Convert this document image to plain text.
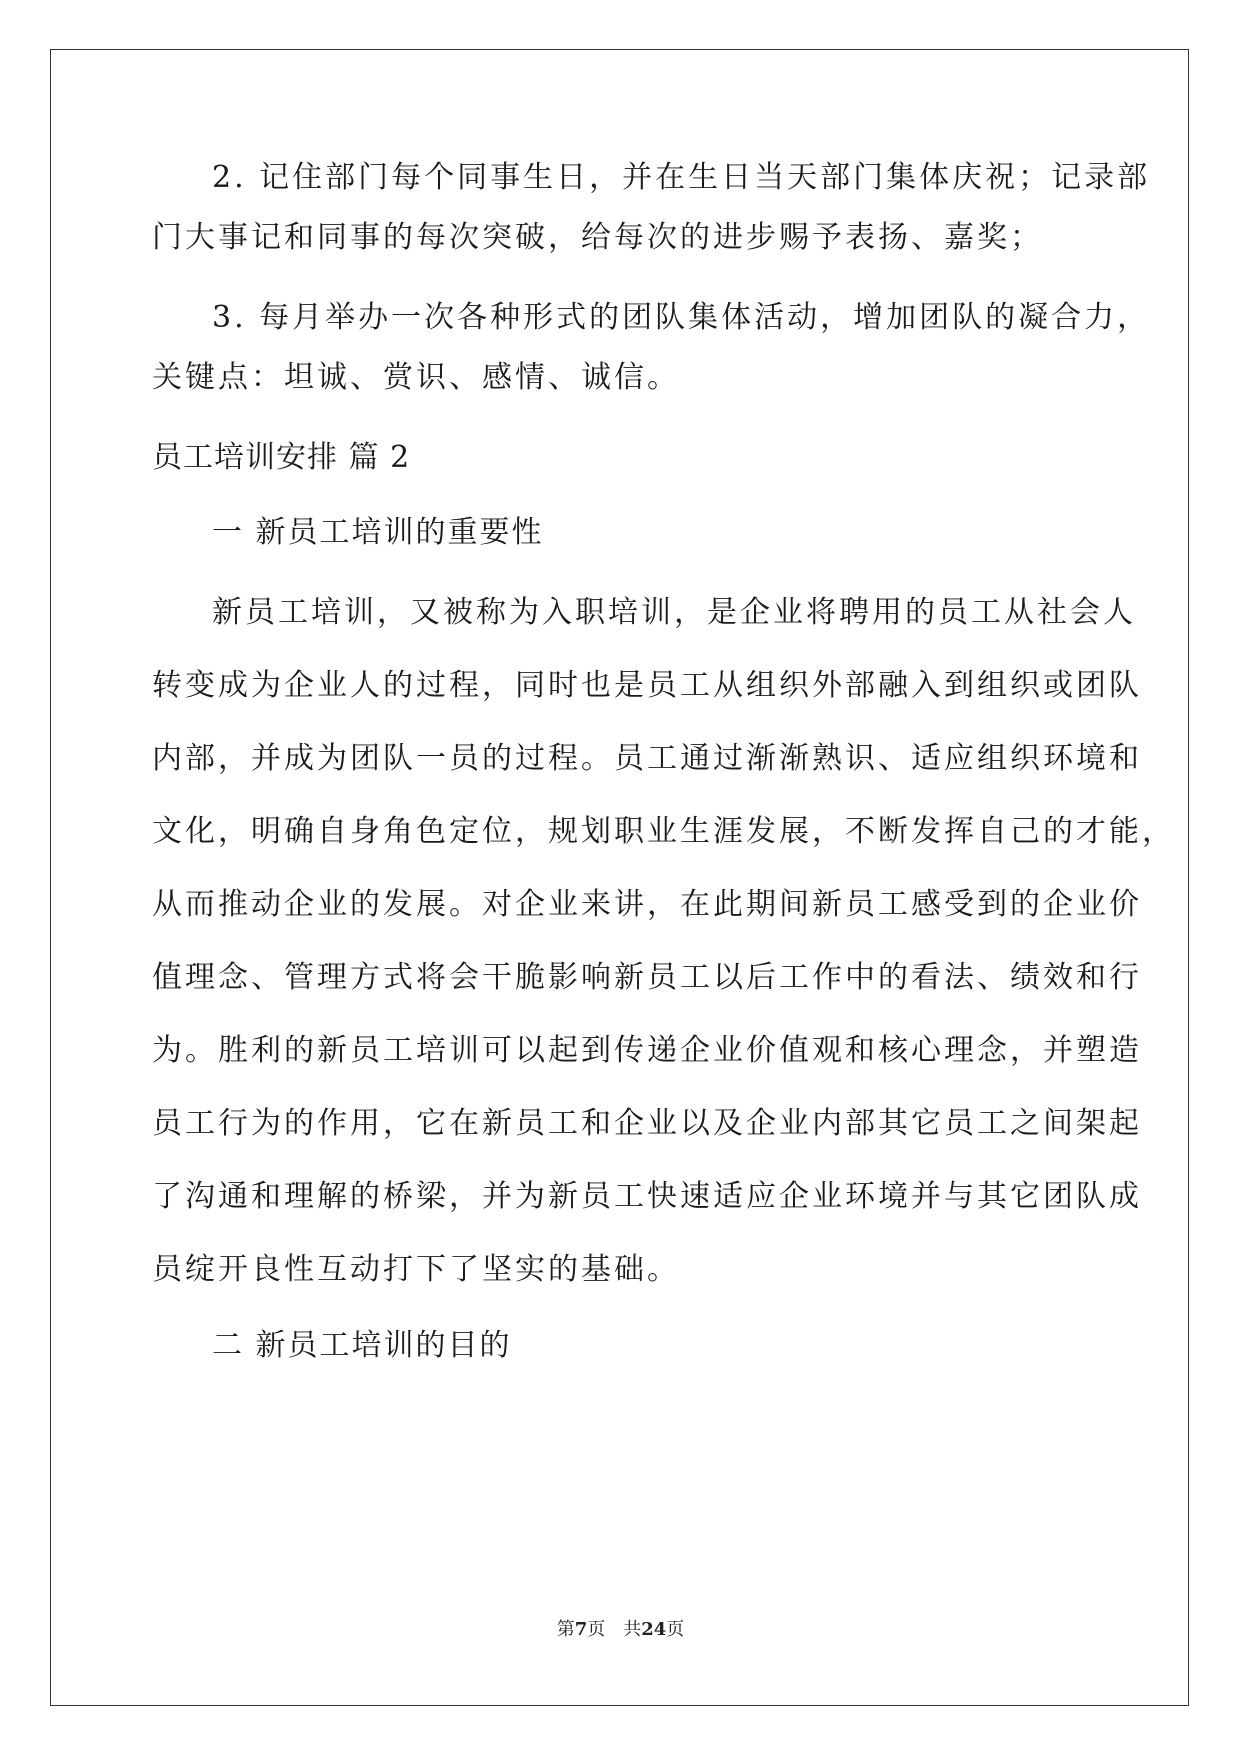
2. 记住部门每个同事生日，并在生日当天部门集体庆祝；记录部
门大事记和同事的每次突破，给每次的进步赐予表扬、嘉奖；
3. 每月举办一次各种形式的团队集体活动，增加团队的凝合力，
关键点：坦诚、赏识、感情、诚信。
员工培训安排 篇 2
一 新员工培训的重要性
新员工培训，又被称为入职培训，是企业将聘用的员工从社会人
转变成为企业人的过程，同时也是员工从组织外部融入到组织或团队
内部，并成为团队一员的过程。员工通过渐渐熟识、适应组织环境和
文化，明确自身角色定位，规划职业生涯发展，不断发挥自己的才能，
从而推动企业的发展。对企业来讲，在此期间新员工感受到的企业价
值理念、管理方式将会干脆影响新员工以后工作中的看法、绩效和行
为。胜利的新员工培训可以起到传递企业价值观和核心理念，并塑造
员工行为的作用，它在新员工和企业以及企业内部其它员工之间架起
了沟通和理解的桥梁，并为新员工快速适应企业环境并与其它团队成
员绽开良性互动打下了坚实的基础。
二 新员工培训的目的
第7页 共24页
